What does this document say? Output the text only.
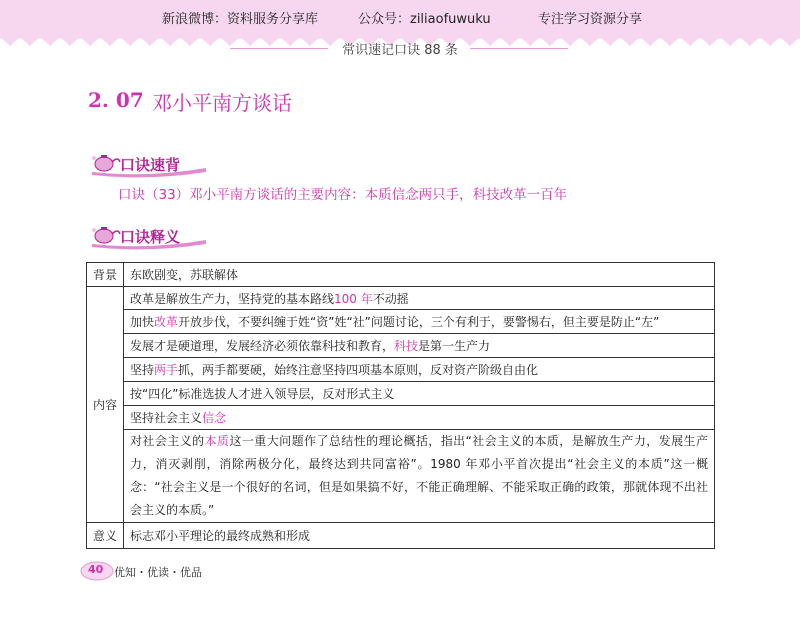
新浪微博：资料服务分享库	公众号：ziliaofuwuku	专注学习资源分享
常识速记口诀 88 条
2. 07 邓小平南方谈话
口诀速背
口诀（33）邓小平南方谈话的主要内容：本质信念两只手，科技改革一百年
口诀释义
背景	东欧剧变，苏联解体
内容	改革是解放生产力，坚持党的基本路线100 年不动摇
	加快改革开放步伐，不要纠缠于姓“资”姓“社”问题讨论，三个有利于，要警惕右，但主要是防止“左”
	发展才是硬道理，发展经济必须依靠科技和教育，科技是第一生产力
	坚持两手抓，两手都要硬，始终注意坚持四项基本原则，反对资产阶级自由化
	按“四化”标准选拔人才进入领导层，反对形式主义
	坚持社会主义信念
	对社会主义的本质这一重大问题作了总结性的理论概括，指出“社会主义的本质，是解放生产力，发展生产力，消灭剥削，消除两极分化，最终达到共同富裕”。1980 年邓小平首次提出“社会主义的本质”这一概念：“社会主义是一个很好的名词，但是如果搞不好，不能正确理解、不能采取正确的政策，那就体现不出社会主义的本质。”
意义	标志邓小平理论的最终成熟和形成
40 优知・优读・优品
